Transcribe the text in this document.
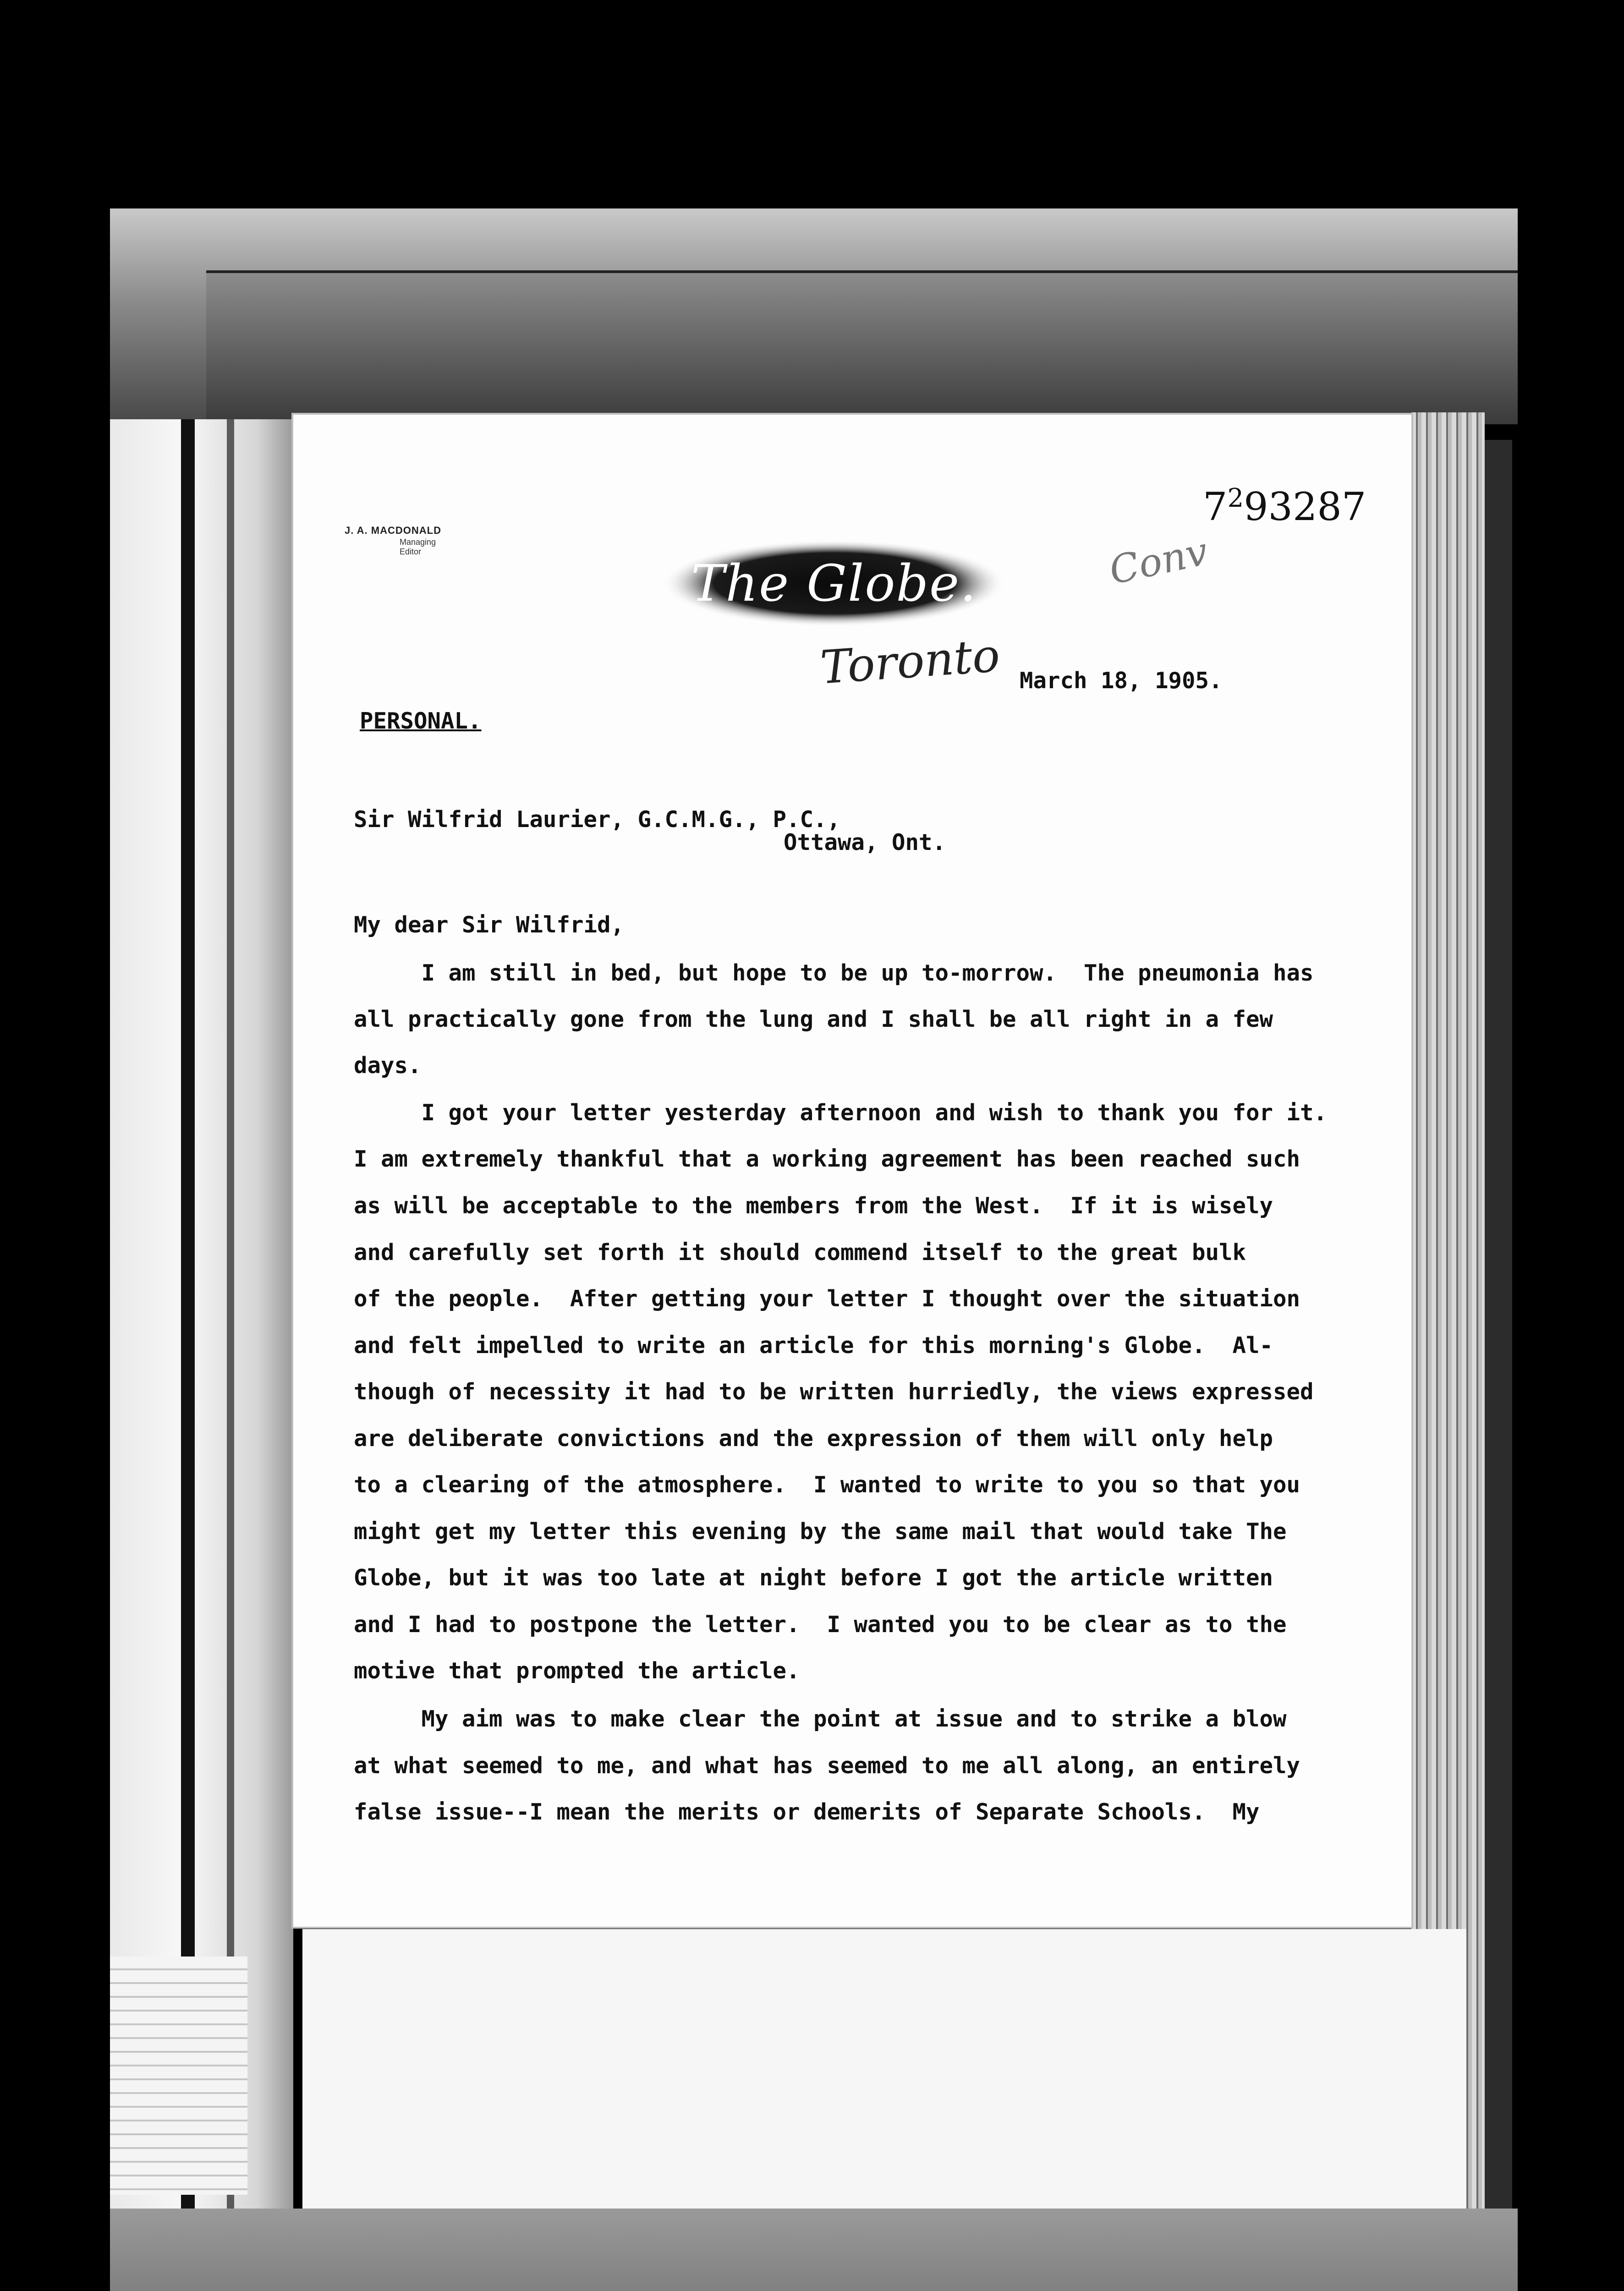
$7^293287$
Conv
J. A. MACDONALD
Managing Editor
The Globe.
Toronto March 18, 1905.
PERSONAL.
Sir Wilfrid Laurier, G.C.M.G., P.C.,
Ottawa, Ont.
My dear Sir Wilfrid,
I am still in bed, but hope to be up to-morrow.  The pneumonia has
all practically gone from the lung and I shall be all right in a few
days.
I got your letter yesterday afternoon and wish to thank you for it.
I am extremely thankful that a working agreement has been reached such
as will be acceptable to the members from the West.  If it is wisely
and carefully set forth it should commend itself to the great bulk
of the people.  After getting your letter I thought over the situation
and felt impelled to write an article for this morning's Globe.  Al-
though of necessity it had to be written hurriedly, the views expressed
are deliberate convictions and the expression of them will only help
to a clearing of the atmosphere.  I wanted to write to you so that you
might get my letter this evening by the same mail that would take The
Globe, but it was too late at night before I got the article written
and I had to postpone the letter.  I wanted you to be clear as to the
motive that prompted the article.
My aim was to make clear the point at issue and to strike a blow
at what seemed to me, and what has seemed to me all along, an entirely
false issue--I mean the merits or demerits of Separate Schools.  My
